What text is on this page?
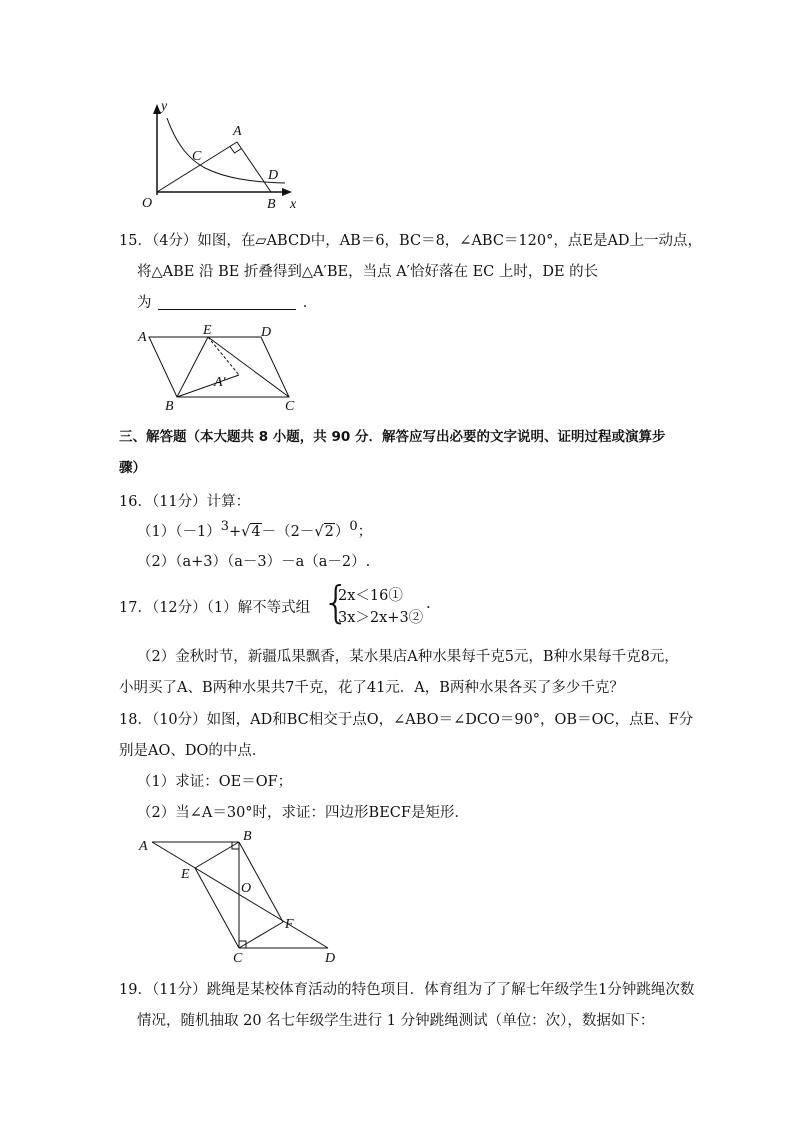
y
A
C
D
O	B x
15．（4分）如图，在▱ABCD中，AB＝6，BC＝8，∠ABC＝120°，点E是AD上一动点，
将△ABE 沿 BE 折叠得到△A′BE，当点 A′恰好落在 EC 上时，DE 的长
为	．
A	E	D
A′
B	C
三、解答题（本大题共 8 小题，共 90 分．解答应写出必要的文字说明、证明过程或演算步
骤）
16．（11分）计算：
$(1)(-1)^3+√4-(2-√2)^0$；
（2）（a+3）（a－3）－a（a－2）.
17．（12分）（1）解不等式组 {
2x＜16①
3x＞2x+3②
.
（2）金秋时节，新疆瓜果飘香，某水果店A种水果每千克5元，B种水果每千克8元，
小明买了A、B两种水果共7千克，花了41元．A，B两种水果各买了多少千克？
18．（10分）如图，AD和BC相交于点O，∠ABO＝∠DCO＝90°，OB＝OC，点E、F分
别是AO、DO的中点．
（1）求证：OE＝OF；
（2）当∠A＝30°时，求证：四边形BECF是矩形．
A
B
E
O
F
C	D
19．（11分）跳绳是某校体育活动的特色项目．体育组为了了解七年级学生1分钟跳绳次数
情况，随机抽取 20 名七年级学生进行 1 分钟跳绳测试（单位：次），数据如下：
